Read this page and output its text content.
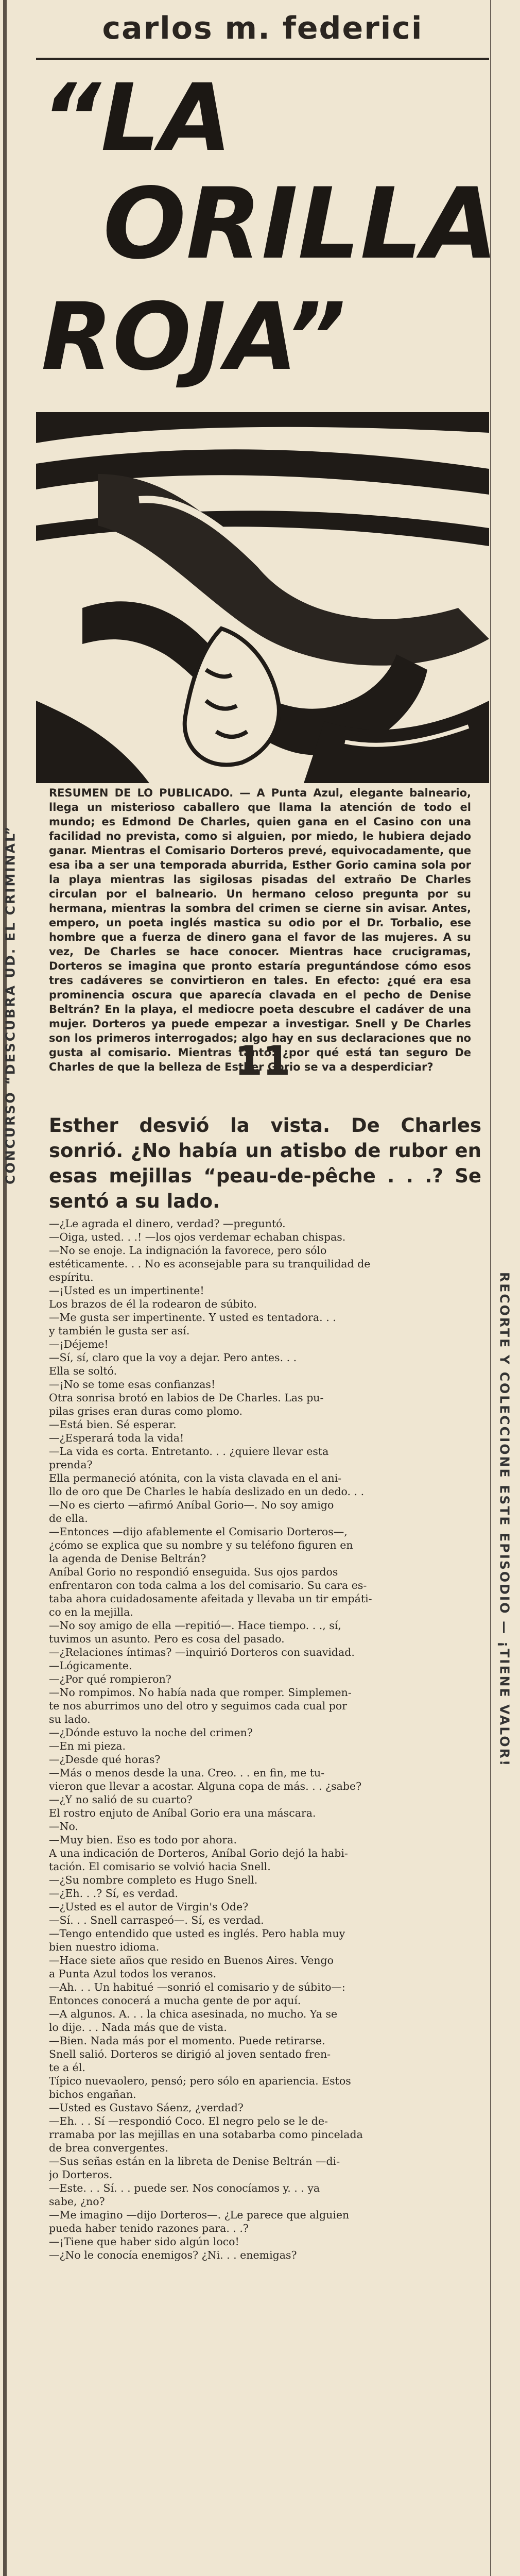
CONCURSO “DESCUBRA UD. EL CRIMINAL”
RECORTE Y COLECCIONE ESTE EPISODIO — ¡TIENE VALOR!
carlos m. federici
“LA
ORILLA
ROJA”

RESUMEN DE LO PUBLICADO. — A Punta Azul, elegante balneario, llega un misterioso caballero que llama la atención de todo el mundo; es Edmond De Charles, quien gana en el Casino con una facilidad no prevista, como si alguien, por miedo, le hubiera dejado ganar. Mientras el Comisario Dorteros prevé, equivocadamente, que esa iba a ser una temporada aburrida, Esther Gorio camina sola por la playa mientras las sigilosas pisadas del extraño De Charles circulan por el balneario. Un hermano celoso pregunta por su hermana, mientras la sombra del crimen se cierne sin avisar. Antes, empero, un poeta inglés mastica su odio por el Dr. Torbalio, ese hombre que a fuerza de dinero gana el favor de las mujeres. A su vez, De Charles se hace conocer. Mientras hace crucigramas, Dorteros se imagina que pronto estaría preguntándose cómo esos tres cadáveres se convirtieron en tales. En efecto: ¿qué era esa prominencia oscura que aparecía clavada en el pecho de Denise Beltrán? En la playa, el mediocre poeta descubre el cadáver de una mujer. Dorteros ya puede empezar a investigar. Snell y De Charles son los primeros interrogados; algo hay en sus declaraciones que no gusta al comisario. Mientras tanto: ¿por qué está tan seguro De Charles de que la belleza de Esther Gorio se va a desperdiciar?

11

Esther desvió la vista. De Charles sonrió. ¿No había un atisbo de rubor en esas mejillas “peau-de-pêche . . .? Se sentó a su lado.

—¿Le agrada el dinero, verdad? —preguntó.
—Oiga, usted. . .! —los ojos verdemar echaban chispas.
—No se enoje. La indignación la favorece, pero sólo
estéticamente. . . No es aconsejable para su tranquilidad de
espíritu.
—¡Usted es un impertinente!
Los brazos de él la rodearon de súbito.
—Me gusta ser impertinente. Y usted es tentadora. . .
y también le gusta ser así.
—¡Déjeme!
—Sí, sí, claro que la voy a dejar. Pero antes. . .
Ella se soltó.
—¡No se tome esas confianzas!
Otra sonrisa brotó en labios de De Charles. Las pu-
pilas grises eran duras como plomo.
—Está bien. Sé esperar.
—¿Esperará toda la vida!
—La vida es corta. Entretanto. . . ¿quiere llevar esta
prenda?
Ella permaneció atónita, con la vista clavada en el ani-
llo de oro que De Charles le había deslizado en un dedo. . .
—No es cierto —afirmó Aníbal Gorio—. No soy amigo
de ella.
—Entonces —dijo afablemente el Comisario Dorteros—,
¿cómo se explica que su nombre y su teléfono figuren en
la agenda de Denise Beltrán?
Aníbal Gorio no respondió enseguida. Sus ojos pardos
enfrentaron con toda calma a los del comisario. Su cara es-
taba ahora cuidadosamente afeitada y llevaba un tir empáti-
co en la mejilla.
—No soy amigo de ella —repitió—. Hace tiempo. . ., sí,
tuvimos un asunto. Pero es cosa del pasado.
—¿Relaciones íntimas? —inquirió Dorteros con suavidad.
—Lógicamente.
—¿Por qué rompieron?
—No rompimos. No había nada que romper. Simplemen-
te nos aburrimos uno del otro y seguimos cada cual por
su lado.
—¿Dónde estuvo la noche del crimen?
—En mi pieza.
—¿Desde qué horas?
—Más o menos desde la una. Creo. . . en fin, me tu-
vieron que llevar a acostar. Alguna copa de más. . . ¿sabe?
—¿Y no salió de su cuarto?
El rostro enjuto de Aníbal Gorio era una máscara.
—No.
—Muy bien. Eso es todo por ahora.
A una indicación de Dorteros, Aníbal Gorio dejó la habi-
tación. El comisario se volvió hacia Snell.
—¿Su nombre completo es Hugo Snell.
—¿Eh. . .? Sí, es verdad.
—¿Usted es el autor de Virgin's Ode?
—Sí. . . Snell carraspeó—. Sí, es verdad.
—Tengo entendido que usted es inglés. Pero habla muy
bien nuestro idioma.
—Hace siete años que resido en Buenos Aires. Vengo
a Punta Azul todos los veranos.
—Ah. . . Un habitué —sonrió el comisario y de súbito—:
Entonces conocerá a mucha gente de por aquí.
—A algunos. A. . . la chica asesinada, no mucho. Ya se
lo dije. . . Nada más que de vista.
—Bien. Nada más por el momento. Puede retirarse.
Snell salió. Dorteros se dirigió al joven sentado fren-
te a él.
Típico nuevaolero, pensó; pero sólo en apariencia. Estos
bichos engañan.
—Usted es Gustavo Sáenz, ¿verdad?
—Eh. . . Sí —respondió Coco. El negro pelo se le de-
rramaba por las mejillas en una sotabarba como pincelada
de brea convergentes.
—Sus señas están en la libreta de Denise Beltrán —di-
jo Dorteros.
—Este. . . Sí. . . puede ser. Nos conocíamos y. . . ya
sabe, ¿no?
—Me imagino —dijo Dorteros—. ¿Le parece que alguien
pueda haber tenido razones para. . .?
—¡Tiene que haber sido algún loco!
—¿No le conocía enemigos? ¿Ni. . . enemigas?
